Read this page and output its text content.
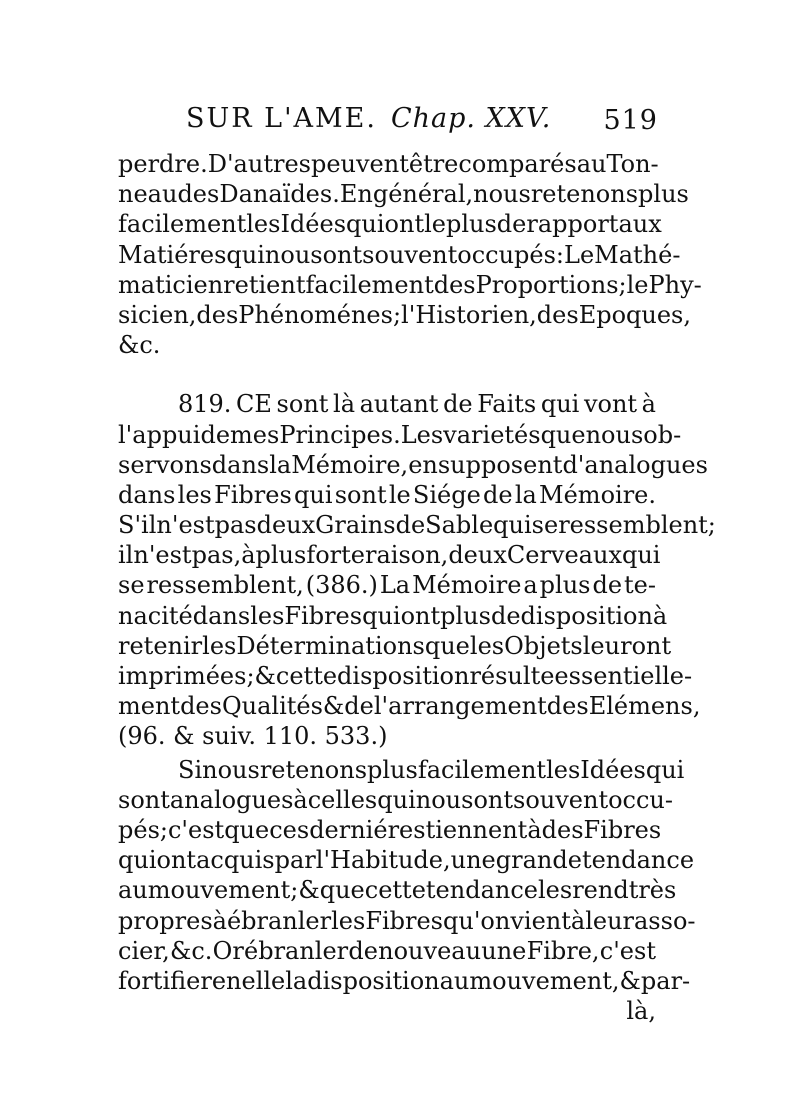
SUR L'AME. Chap. XXV. 519
perdre. D'autres peuvent être comparés au Ton-
neau des Danaïdes. En général, nous retenons plus
facilement les Idées qui ont le plus de rapport aux
Matiéres qui nous ont souvent occupés : Le Mathé-
maticien retient facilement des Proportions ; le Phy-
sicien, des Phénoménes ; l'Historien , des Epoques,
&c.
819. CE sont là autant de Faits qui vont à
l'appui de mes Principes. Les varietés que nous ob-
servons dans la Mémoire, en supposent d'analogues
dans les Fibres qui sont le Siége de la Mémoire.
S'il n'est pas deux Grains de Sable qui se ressemblent;
il n'est pas, à plus forte raison , deux Cerveaux qui
se ressemblent, (386.) La Mémoire a plus de te-
nacité dans les Fibres qui ont plus de disposition à
retenir les Déterminations que les Objets leur ont
imprimées ; & cette disposition résulte essentielle-
ment des Qualités & de l'arrangement des Elémens,
(96. & suiv. 110. 533.)
Si nous retenons plus facilement les Idées qui
sont analogues à celles qui nous ont souvent occu-
pés ; c'est que ces derniéres tiennent à des Fibres
qui ont acquis par l'Habitude, une grande tendance
au mouvement ; & que cette tendance les rend très
propres à ébranler les Fibres qu'on vient à leur asso-
cier, &c. Or ébranler de nouveau une Fibre, c'est
fortifier en elle la disposition au mouvement, & par-
là,
